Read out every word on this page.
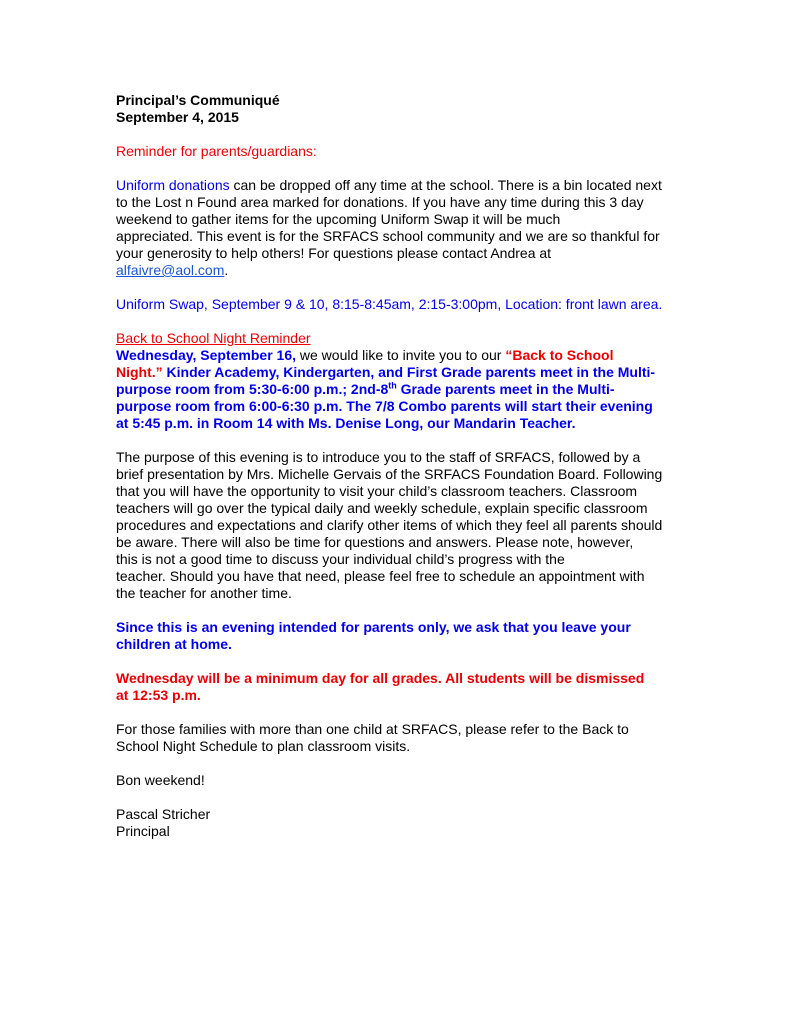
Principal’s Communiqué

September 4, 2015

Reminder for parents/guardians:

Uniform donations can be dropped off any time at the school. There is a bin located next

to the Lost n Found area marked for donations. If you have any time during this 3 day

weekend to gather items for the upcoming Uniform Swap it will be much

appreciated. This event is for the SRFACS school community and we are so thankful for

your generosity to help others! For questions please contact Andrea at

alfaivre@aol.com.

Uniform Swap, September 9 & 10, 8:15-8:45am, 2:15-3:00pm, Location: front lawn area.

Back to School Night Reminder

Wednesday, September 16, we would like to invite you to our “Back to School

Night.” Kinder Academy, Kindergarten, and First Grade parents meet in the Multi-

purpose room from 5:30-6:00 p.m.; 2nd-8th Grade parents meet in the Multi-

purpose room from 6:00-6:30 p.m. The 7/8 Combo parents will start their evening

at 5:45 p.m. in Room 14 with Ms. Denise Long, our Mandarin Teacher.

The purpose of this evening is to introduce you to the staff of SRFACS, followed by a

brief presentation by Mrs. Michelle Gervais of the SRFACS Foundation Board. Following

that you will have the opportunity to visit your child’s classroom teachers. Classroom

teachers will go over the typical daily and weekly schedule, explain specific classroom

procedures and expectations and clarify other items of which they feel all parents should

be aware. There will also be time for questions and answers. Please note, however,

this is not a good time to discuss your individual child’s progress with the

teacher. Should you have that need, please feel free to schedule an appointment with

the teacher for another time.

Since this is an evening intended for parents only, we ask that you leave your

children at home.

Wednesday will be a minimum day for all grades. All students will be dismissed

at 12:53 p.m.

For those families with more than one child at SRFACS, please refer to the Back to

School Night Schedule to plan classroom visits.

Bon weekend!

Pascal Stricher

Principal
